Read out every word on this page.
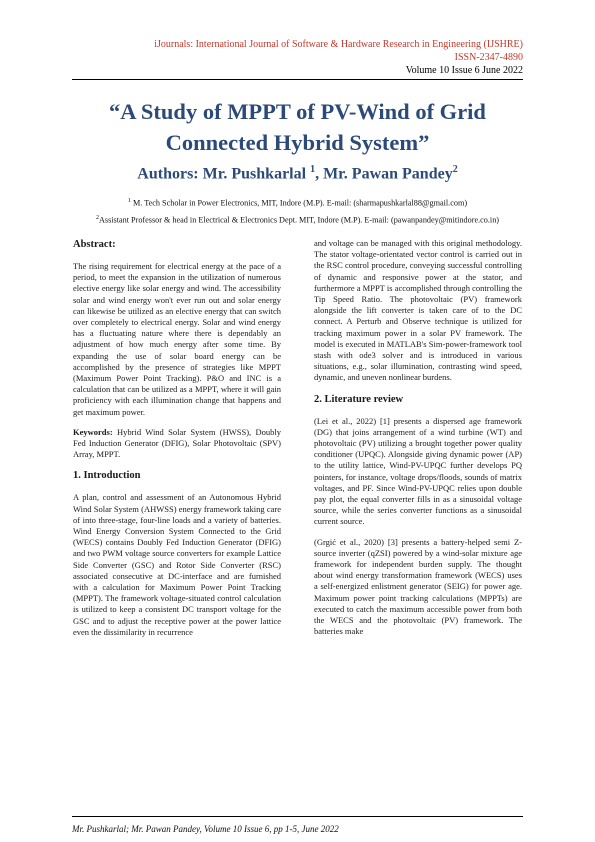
iJournals: International Journal of Software & Hardware Research in Engineering (IJSHRE)
ISSN-2347-4890
Volume 10 Issue 6 June 2022
“A Study of MPPT of PV-Wind of Grid Connected Hybrid System”
Authors: Mr. Pushkarlal $^1$, Mr. Pawan Pandey$^2$
$^1$ M. Tech Scholar in Power Electronics, MIT, Indore (M.P). E-mail: (sharmapushkarlal88@gmail.com)
$^2$Assistant Professor & head in Electrical & Electronics Dept. MIT, Indore (M.P). E-mail: (pawanpandey@mitindore.co.in)
Abstract:

The rising requirement for electrical energy at the pace of a period, to meet the expansion in the utilization of numerous elective energy like solar energy and wind. The accessibility solar and wind energy won't ever run out and solar energy can likewise be utilized as an elective energy that can switch over completely to electrical energy. Solar and wind energy has a fluctuating nature where there is dependably an adjustment of how much energy after some time. By expanding the use of solar board energy can be accomplished by the presence of strategies like MPPT (Maximum Power Point Tracking). P&O and INC is a calculation that can be utilized as a MPPT, where it will gain proficiency with each illumination change that happens and get maximum power.

Keywords: Hybrid Wind Solar System (HWSS), Doubly Fed Induction Generator (DFIG), Solar Photovoltaic (SPV) Array, MPPT.

1. Introduction

A plan, control and assessment of an Autonomous Hybrid Wind Solar System (AHWSS) energy framework taking care of into three-stage, four-line loads and a variety of batteries. Wind Energy Conversion System Connected to the Grid (WECS) contains Doubly Fed Induction Generator (DFIG) and two PWM voltage source converters for example Lattice Side Converter (GSC) and Rotor Side Converter (RSC) associated consecutive at DC-interface and are furnished with a calculation for Maximum Power Point Tracking (MPPT). The framework voltage-situated control calculation is utilized to keep a consistent DC transport voltage for the GSC and to adjust the receptive power at the power lattice even the dissimilarity in recurrence

and voltage can be managed with this original methodology. The stator voltage-orientated vector control is carried out in the RSC control procedure, conveying successful controlling of dynamic and responsive power at the stator, and furthermore a MPPT is accomplished through controlling the Tip Speed Ratio. The photovoltaic (PV) framework alongside the lift converter is taken care of to the DC connect. A Perturb and Observe technique is utilized for tracking maximum power in a solar PV framework. The model is executed in MATLAB's Sim-power-framework tool stash with ode3 solver and is introduced in various situations, e.g., solar illumination, contrasting wind speed, dynamic, and uneven nonlinear burdens.

2. Literature review

(Lei et al., 2022) [1] presents a dispersed age framework (DG) that joins arrangement of a wind turbine (WT) and photovoltaic (PV) utilizing a brought together power quality conditioner (UPQC). Alongside giving dynamic power (AP) to the utility lattice, Wind-PV-UPQC further develops PQ pointers, for instance, voltage drops/floods, sounds of matrix voltages, and PF. Since Wind-PV-UPQC relies upon double pay plot, the equal converter fills in as a sinusoidal voltage source, while the series converter functions as a sinusoidal current source.

(Grgić et al., 2020) [3] presents a battery-helped semi Z-source inverter (qZSI) powered by a wind-solar mixture age framework for independent burden supply. The thought about wind energy transformation framework (WECS) uses a self-energized enlistment generator (SEIG) for power age. Maximum power point tracking calculations (MPPTs) are executed to catch the maximum accessible power from both the WECS and the photovoltaic (PV) framework. The batteries make

Mr. Pushkarlal; Mr. Pawan Pandey, Volume 10 Issue 6, pp 1-5, June 2022
